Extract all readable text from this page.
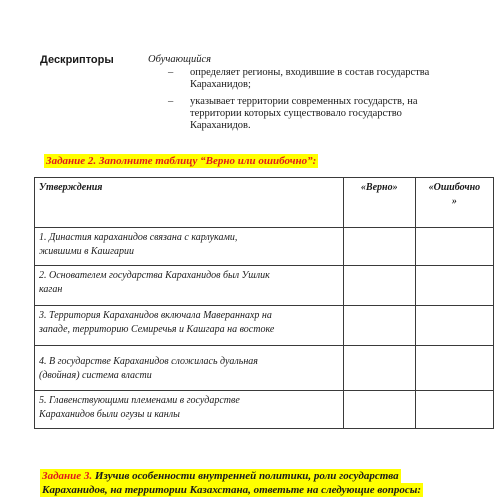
Дескрипторы	Обучающийся
– определяет регионы, входившие в состав государства
Караханидов;
– указывает территории современных государств, на
территории которых существовало государство
Караханидов.
Задание 2. Заполните таблицу “Верно или ошибочно”:
Утверждения	«Верно»	«Ошибочно
»
1. Династия караханидов связана с карлуками,
жившими в Кашгарии		
2. Основателем государства Караханидов был Ушлик
каган		
3. Территория Караханидов включала Мавераннахр на
западе, территорию Семиречья и Кашгара на востоке		
4. В государстве Караханидов сложилась дуальная
(двойная) система власти		
5. Главенствующими племенами в государстве
Караханидов были огузы и канлы		
Задание 3. Изучив особенности внутренней политики, роли государства
Караханидов, на территории Казахстана, ответьте на следующие вопросы:
